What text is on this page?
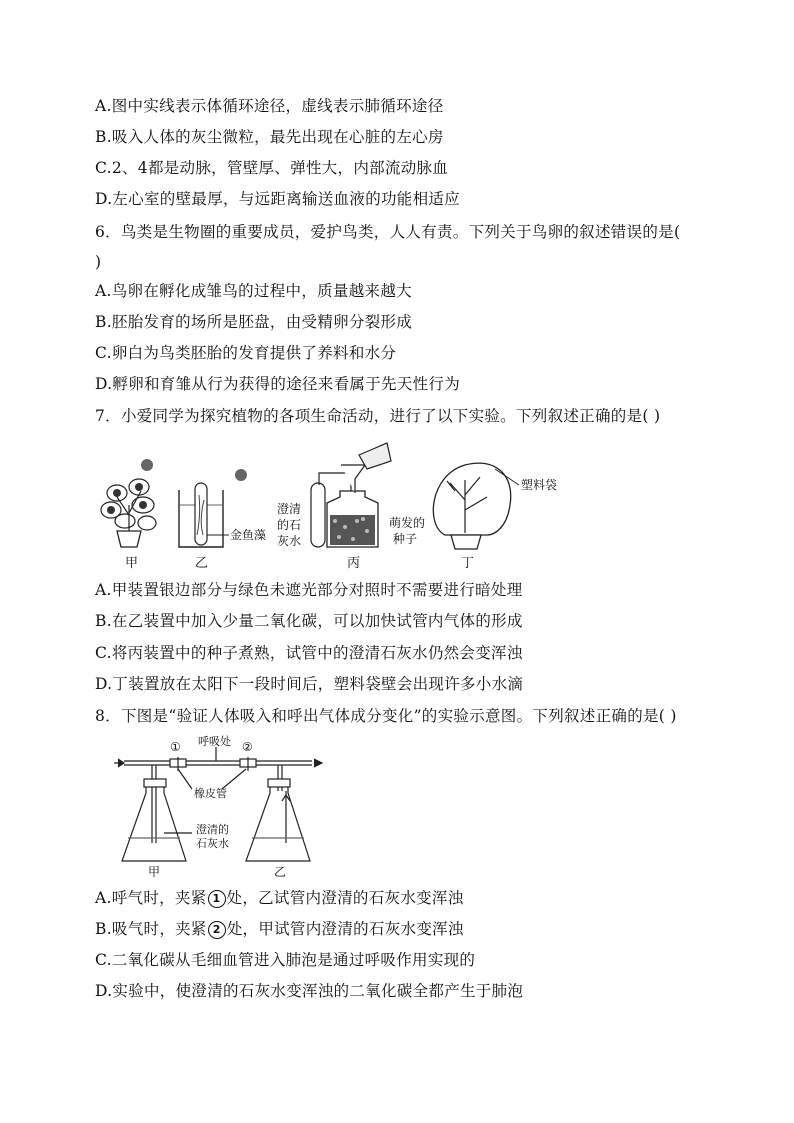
A.图中实线表示体循环途径，虚线表示肺循环途径
B.吸入人体的灰尘微粒，最先出现在心脏的左心房
C.2、4都是动脉，管壁厚、弹性大，内部流动脉血
D.左心室的壁最厚，与远距离输送血液的功能相适应
6．鸟类是生物圈的重要成员，爱护鸟类，人人有责。下列关于鸟卵的叙述错误的是(
)
A.鸟卵在孵化成雏鸟的过程中，质量越来越大
B.胚胎发育的场所是胚盘，由受精卵分裂形成
C.卵白为鸟类胚胎的发育提供了养料和水分
D.孵卵和育雏从行为获得的途径来看属于先天性行为
7．小爱同学为探究植物的各项生命活动，进行了以下实验。下列叙述正确的是( )
甲
金鱼藻
乙
澄清
的石
灰水
萌发的
种子
丙
塑料袋
丁
A.甲装置银边部分与绿色未遮光部分对照时不需要进行暗处理
B.在乙装置中加入少量二氧化碳，可以加快试管内气体的形成
C.将丙装置中的种子煮熟，试管中的澄清石灰水仍然会变浑浊
D.丁装置放在太阳下一段时间后，塑料袋壁会出现许多小水滴
8．下图是“验证人体吸入和呼出气体成分变化”的实验示意图。下列叙述正确的是( )
① 呼吸处 ②
橡皮管
澄清的
石灰水
甲	乙
A.呼气时，夹紧 1 处，乙试管内澄清的石灰水变浑浊
B.吸气时，夹紧 2 处，甲试管内澄清的石灰水变浑浊
C.二氧化碳从毛细血管进入肺泡是通过呼吸作用实现的
D.实验中，使澄清的石灰水变浑浊的二氧化碳全都产生于肺泡
